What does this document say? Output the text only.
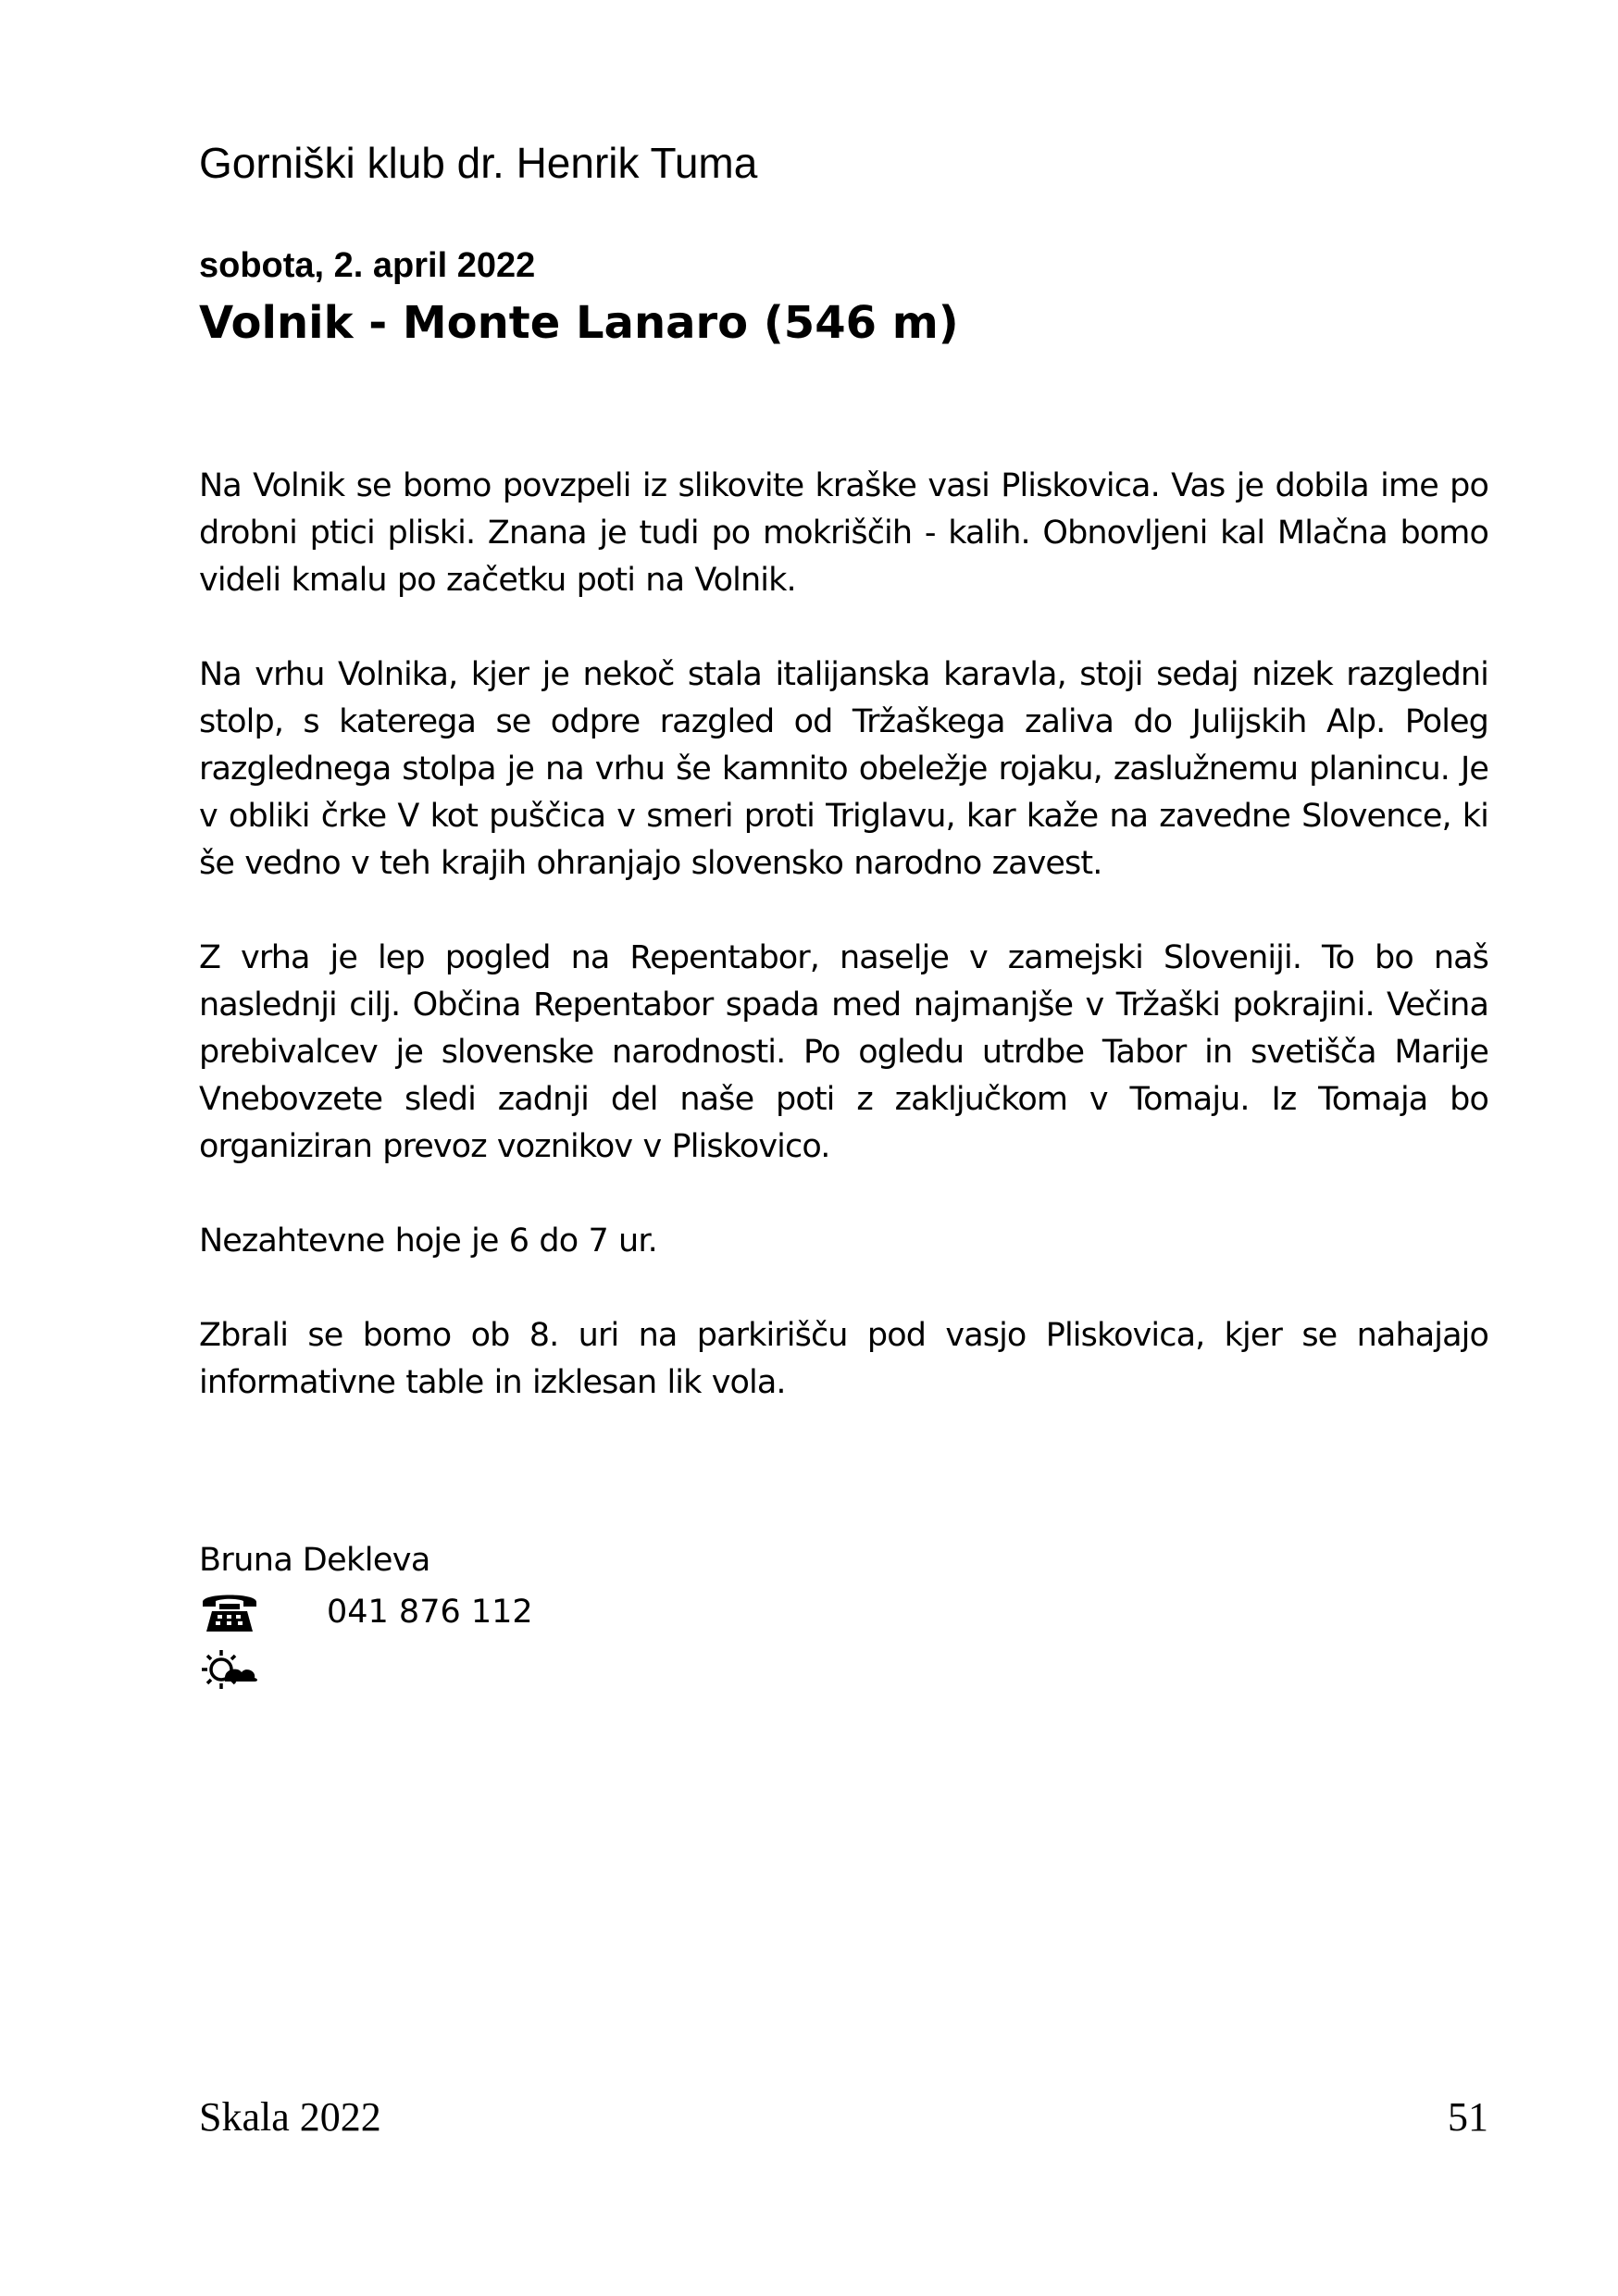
Gorniški klub dr. Henrik Tuma
sobota, 2. april 2022
Volnik - Monte Lanaro (546 m)

Na Volnik se bomo povzpeli iz slikovite kraške vasi Pliskovica. Vas je dobila ime po drobni ptici pliski. Znana je tudi po mokriščih - kalih. Obnovljeni kal Mlačna bomo videli kmalu po začetku poti na Volnik.

Na vrhu Volnika, kjer je nekoč stala italijanska karavla, stoji sedaj nizek razgledni stolp, s katerega se odpre razgled od Tržaškega zaliva do Julijskih Alp. Poleg razglednega stolpa je na vrhu še kamnito obeležje rojaku, zaslužnemu planincu. Je v obliki črke V kot puščica v smeri proti Triglavu, kar kaže na zavedne Slovence, ki še vedno v teh krajih ohranjajo slovensko narodno zavest.

Z vrha je lep pogled na Repentabor, naselje v zamejski Sloveniji. To bo naš naslednji cilj. Občina Repentabor spada med najmanjše v Tržaški pokrajini. Večina prebivalcev je slovenske narodnosti. Po ogledu utrdbe Tabor in svetišča Marije Vnebovzete sledi zadnji del naše poti z zaključkom v Tomaju. Iz Tomaja bo organiziran prevoz voznikov v Pliskovico.

Nezahtevne hoje je 6 do 7 ur.

Zbrali se bomo ob 8. uri na parkirišču pod vasjo Pliskovica, kjer se nahajajo informativne table in izklesan lik vola.

Bruna Dekleva
041 876 112
Skala 2022	51
